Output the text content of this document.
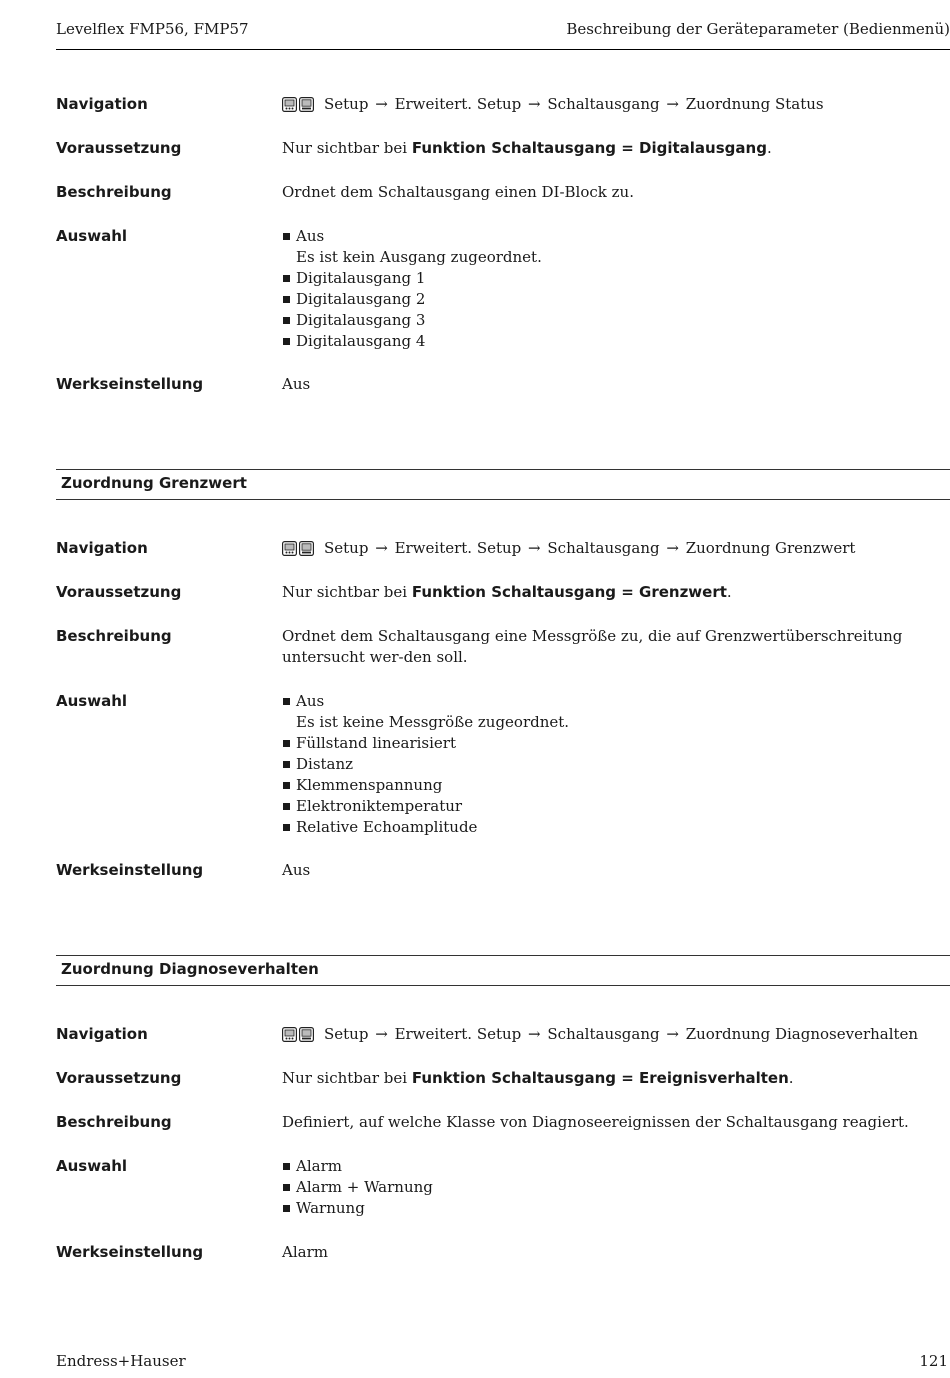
Levelflex FMP56, FMP57	Beschreibung der Geräteparameter (Bedienmenü)
Navigation	Setup → Erweitert. Setup → Schaltausgang → Zuordnung Status
Voraussetzung	Nur sichtbar bei Funktion Schaltausgang = Digitalausgang.
Beschreibung	Ordnet dem Schaltausgang einen DI-Block zu.
Auswahl	Aus
Es ist kein Ausgang zugeordnet.
Digitalausgang 1
Digitalausgang 2
Digitalausgang 3
Digitalausgang 4
Werkseinstellung	Aus
Zuordnung Grenzwert
Navigation	Setup → Erweitert. Setup → Schaltausgang → Zuordnung Grenzwert
Voraussetzung	Nur sichtbar bei Funktion Schaltausgang = Grenzwert.
Beschreibung	Ordnet dem Schaltausgang eine Messgröße zu, die auf Grenzwertüberschreitung untersucht wer-den soll.
Auswahl	Aus
Es ist keine Messgröße zugeordnet.
Füllstand linearisiert
Distanz
Klemmenspannung
Elektroniktemperatur
Relative Echoamplitude
Werkseinstellung	Aus
Zuordnung Diagnoseverhalten
Navigation	Setup → Erweitert. Setup → Schaltausgang → Zuordnung Diagnoseverhalten
Voraussetzung	Nur sichtbar bei Funktion Schaltausgang = Ereignisverhalten.
Beschreibung	Definiert, auf welche Klasse von Diagnoseereignissen der Schaltausgang reagiert.
Auswahl	Alarm
Alarm + Warnung
Warnung
Werkseinstellung	Alarm
Endress+Hauser	121
